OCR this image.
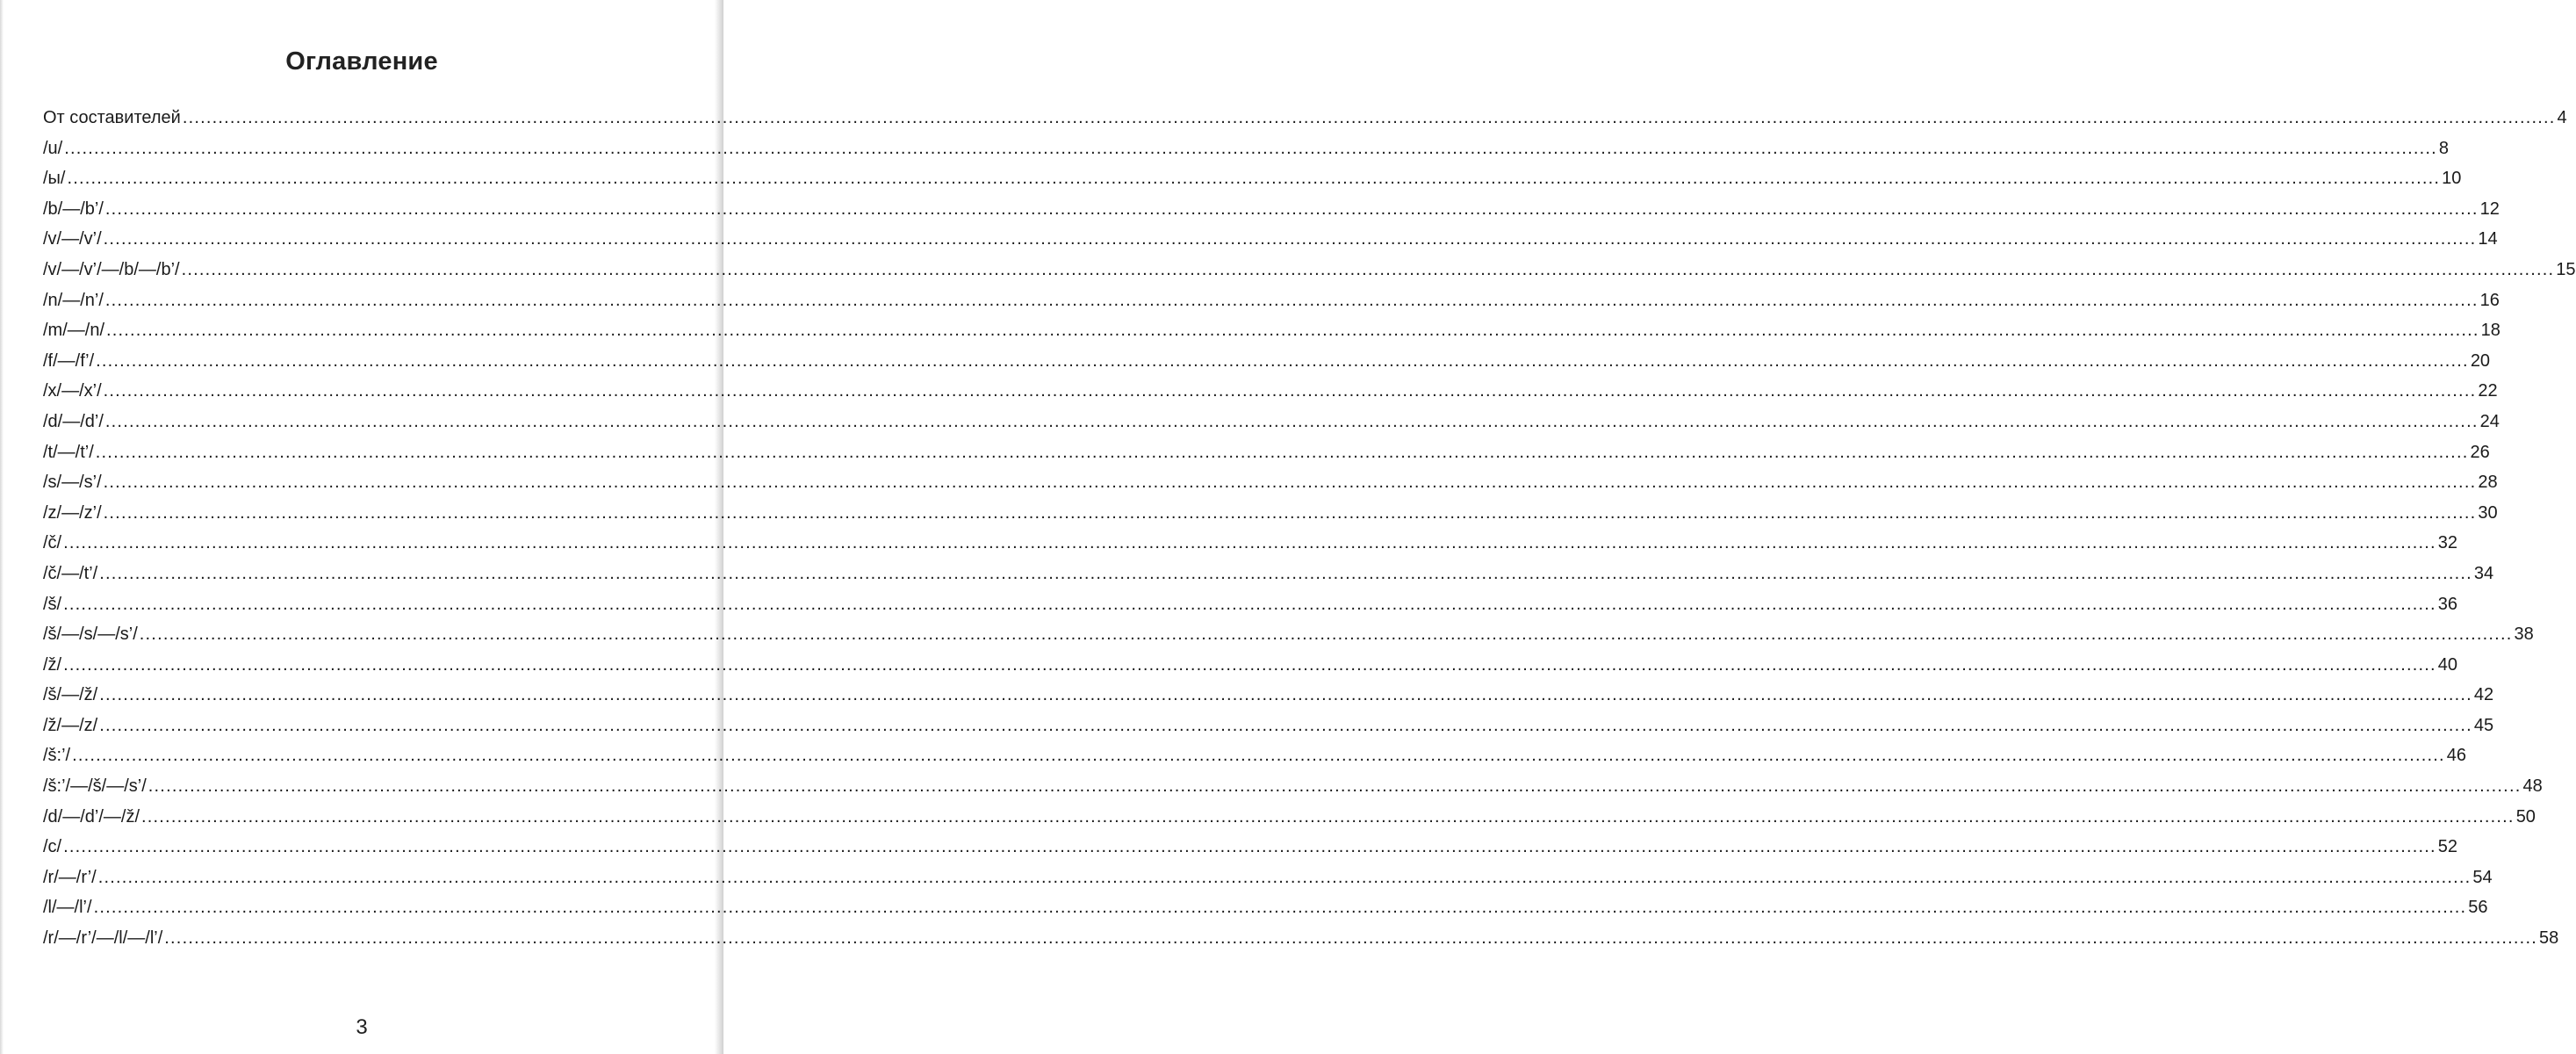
Оглавление
От составителей ................................................................................................................................................................................................................................................................................................................................................................................................................ 4
/u/ ................................................................................................................................................................................................................................................................................................................................................................................................................ 8
/ы/ ................................................................................................................................................................................................................................................................................................................................................................................................................ 10
/b/—/b’/ ................................................................................................................................................................................................................................................................................................................................................................................................................ 12
/v/—/v’/ ................................................................................................................................................................................................................................................................................................................................................................................................................ 14
/v/—/v’/—/b/—/b’/ ................................................................................................................................................................................................................................................................................................................................................................................................................ 15
/n/—/n’/ ................................................................................................................................................................................................................................................................................................................................................................................................................ 16
/m/—/n/ ................................................................................................................................................................................................................................................................................................................................................................................................................ 18
/f/—/f’/ ................................................................................................................................................................................................................................................................................................................................................................................................................ 20
/x/—/x’/ ................................................................................................................................................................................................................................................................................................................................................................................................................ 22
/d/—/d’/ ................................................................................................................................................................................................................................................................................................................................................................................................................ 24
/t/—/t’/ ................................................................................................................................................................................................................................................................................................................................................................................................................ 26
/s/—/s’/ ................................................................................................................................................................................................................................................................................................................................................................................................................ 28
/z/—/z’/ ................................................................................................................................................................................................................................................................................................................................................................................................................ 30
/č/ ................................................................................................................................................................................................................................................................................................................................................................................................................ 32
/č/—/t’/ ................................................................................................................................................................................................................................................................................................................................................................................................................ 34
/š/ ................................................................................................................................................................................................................................................................................................................................................................................................................ 36
/š/—/s/—/s’/ ................................................................................................................................................................................................................................................................................................................................................................................................................ 38
/ž/ ................................................................................................................................................................................................................................................................................................................................................................................................................ 40
/š/—/ž/ ................................................................................................................................................................................................................................................................................................................................................................................................................ 42
/ž/—/z/ ................................................................................................................................................................................................................................................................................................................................................................................................................ 45
/š:’/ ................................................................................................................................................................................................................................................................................................................................................................................................................ 46
/š:’/—/š/—/s’/ ................................................................................................................................................................................................................................................................................................................................................................................................................ 48
/d/—/d’/—/ž/ ................................................................................................................................................................................................................................................................................................................................................................................................................ 50
/c/ ................................................................................................................................................................................................................................................................................................................................................................................................................ 52
/r/—/r’/ ................................................................................................................................................................................................................................................................................................................................................................................................................ 54
/l/—/l’/ ................................................................................................................................................................................................................................................................................................................................................................................................................ 56
/r/—/r’/—/l/—/l’/ ................................................................................................................................................................................................................................................................................................................................................................................................................ 58
3
